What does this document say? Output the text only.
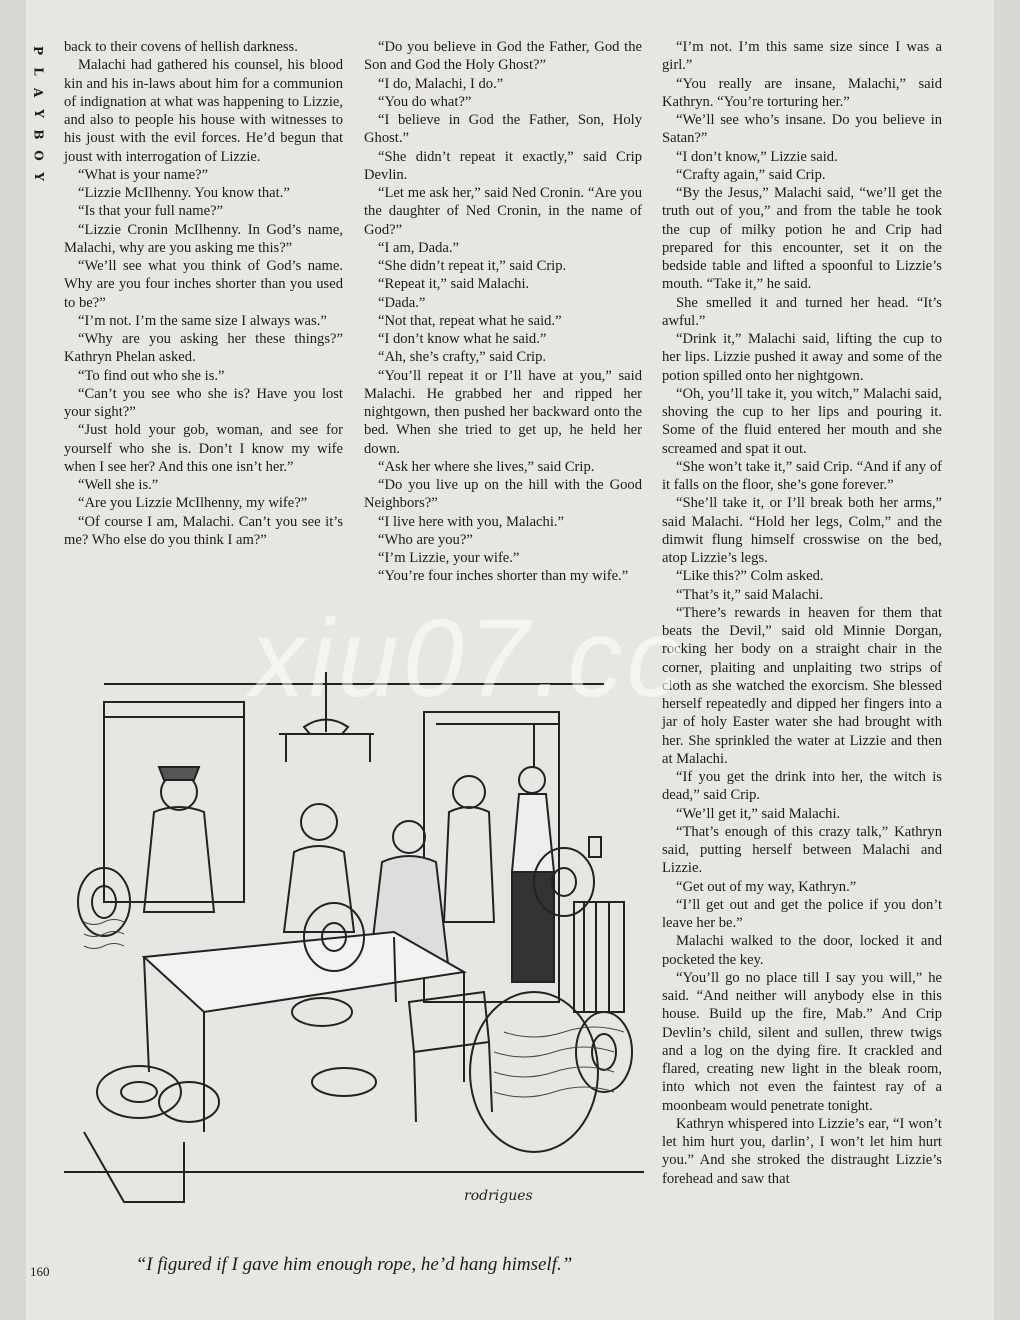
P
L
A
Y
B
O
Y

back to their covens of hellish darkness.

Malachi had gathered his counsel, his blood kin and his in-laws about him for a communion of indignation at what was happening to Lizzie, and also to people his house with witnesses to his joust with the evil forces. He’d begun that joust with interrogation of Lizzie.

“What is your name?”

“Lizzie McIlhenny. You know that.”

“Is that your full name?”

“Lizzie Cronin McIlhenny. In God’s name, Malachi, why are you asking me this?”

“We’ll see what you think of God’s name. Why are you four inches shorter than you used to be?”

“I’m not. I’m the same size I always was.”

“Why are you asking her these things?” Kathryn Phelan asked.

“To find out who she is.”

“Can’t you see who she is? Have you lost your sight?”

“Just hold your gob, woman, and see for yourself who she is. Don’t I know my wife when I see her? And this one isn’t her.”

“Well she is.”

“Are you Lizzie McIlhenny, my wife?”

“Of course I am, Malachi. Can’t you see it’s me? Who else do you think I am?”

“Do you believe in God the Father, God the Son and God the Holy Ghost?”

“I do, Malachi, I do.”

“You do what?”

“I believe in God the Father, Son, Holy Ghost.”

“She didn’t repeat it exactly,” said Crip Devlin.

“Let me ask her,” said Ned Cronin. “Are you the daughter of Ned Cronin, in the name of God?”

“I am, Dada.”

“She didn’t repeat it,” said Crip.

“Repeat it,” said Malachi.

“Dada.”

“Not that, repeat what he said.”

“I don’t know what he said.”

“Ah, she’s crafty,” said Crip.

“You’ll repeat it or I’ll have at you,” said Malachi. He grabbed her and ripped her nightgown, then pushed her backward onto the bed. When she tried to get up, he held her down.

“Ask her where she lives,” said Crip.

“Do you live up on the hill with the Good Neighbors?”

“I live here with you, Malachi.”

“Who are you?”

“I’m Lizzie, your wife.”

“You’re four inches shorter than my wife.”

“I’m not. I’m this same size since I was a girl.”

“You really are insane, Malachi,” said Kathryn. “You’re torturing her.”

“We’ll see who’s insane. Do you believe in Satan?”

“I don’t know,” Lizzie said.

“Crafty again,” said Crip.

“By the Jesus,” Malachi said, “we’ll get the truth out of you,” and from the table he took the cup of milky potion he and Crip had prepared for this encounter, set it on the bedside table and lifted a spoonful to Lizzie’s mouth. “Take it,” he said.

She smelled it and turned her head. “It’s awful.”

“Drink it,” Malachi said, lifting the cup to her lips. Lizzie pushed it away and some of the potion spilled onto her nightgown.

“Oh, you’ll take it, you witch,” Malachi said, shoving the cup to her lips and pouring it. Some of the fluid entered her mouth and she screamed and spat it out.

“She won’t take it,” said Crip. “And if any of it falls on the floor, she’s gone forever.”

“She’ll take it, or I’ll break both her arms,” said Malachi. “Hold her legs, Colm,” and the dimwit flung himself crosswise on the bed, atop Lizzie’s legs.

“Like this?” Colm asked.

“That’s it,” said Malachi.

“There’s rewards in heaven for them that beats the Devil,” said old Minnie Dorgan, rocking her body on a straight chair in the corner, plaiting and unplaiting two strips of cloth as she watched the exorcism. She blessed herself repeatedly and dipped her fingers into a jar of holy Easter water she had brought with her. She sprinkled the water at Lizzie and then at Malachi.

“If you get the drink into her, the witch is dead,” said Crip.

“We’ll get it,” said Malachi.

“That’s enough of this crazy talk,” Kathryn said, putting herself between Malachi and Lizzie.

“Get out of my way, Kathryn.”

“I’ll get out and get the police if you don’t leave her be.”

Malachi walked to the door, locked it and pocketed the key.

“You’ll go no place till I say you will,” he said. “And neither will anybody else in this house. Build up the fire, Mab.” And Crip Devlin’s child, silent and sullen, threw twigs and a log on the dying fire. It crackled and flared, creating new light in the bleak room, into which not even the faintest ray of a moonbeam would penetrate tonight.

Kathryn whispered into Lizzie’s ear, “I won’t let him hurt you, darlin’, I won’t let him hurt you.” And she stroked the distraught Lizzie’s forehead and saw that

rodrigues
“I figured if I gave him enough rope, he’d hang himself.”
160
xiu07.cc
